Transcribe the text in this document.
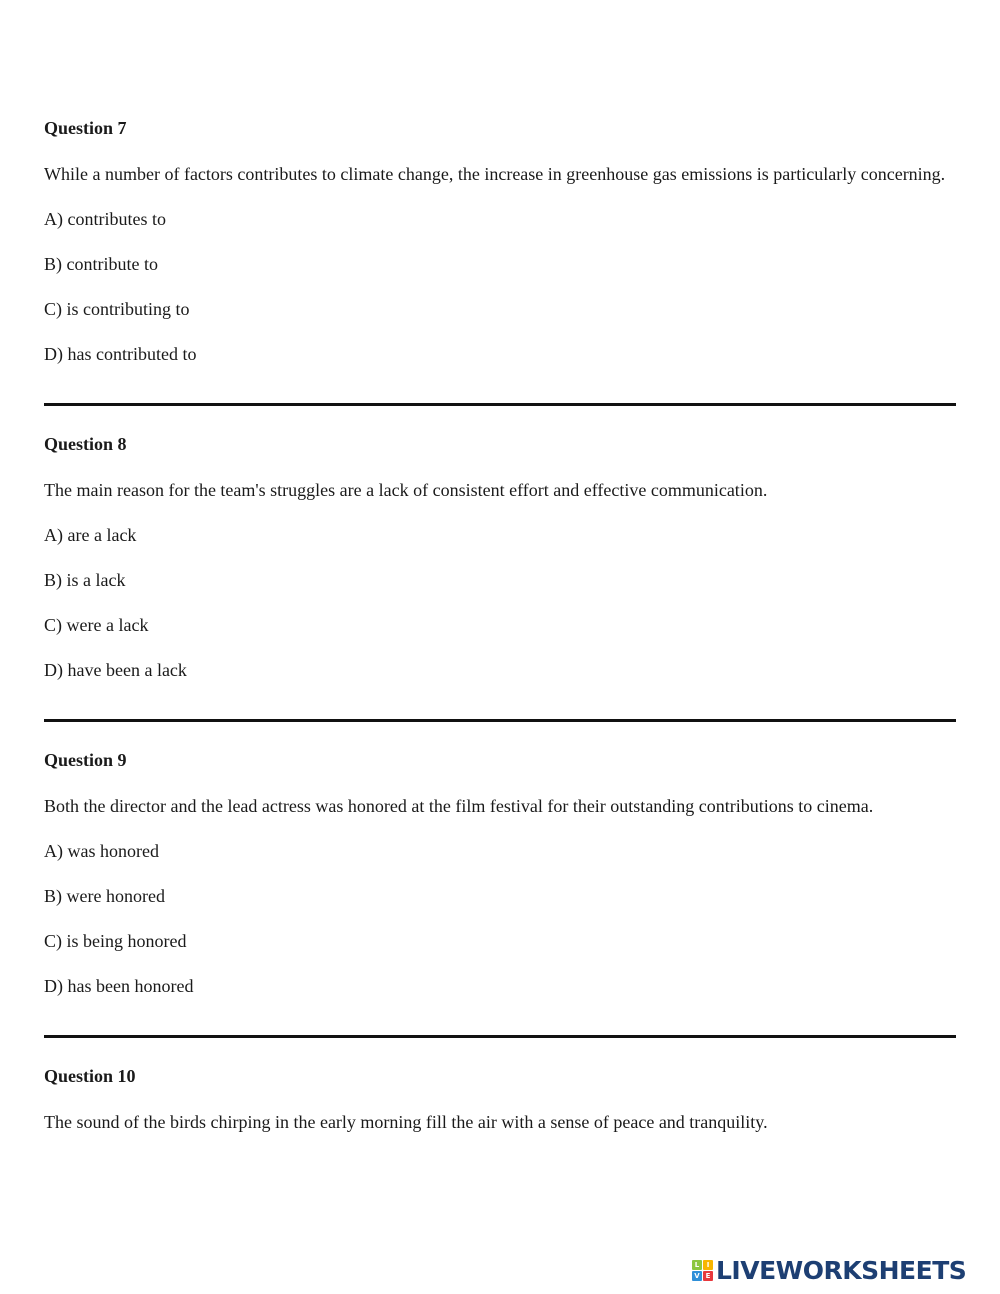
Question 7

While a number of factors contributes to climate change, the increase in greenhouse gas emissions is particularly concerning.

A) contributes to

B) contribute to

C) is contributing to

D) has contributed to

Question 8

The main reason for the team's struggles are a lack of consistent effort and effective communication.

A) are a lack

B) is a lack

C) were a lack

D) have been a lack

Question 9

Both the director and the lead actress was honored at the film festival for their outstanding contributions to cinema.

A) was honored

B) were honored

C) is being honored

D) has been honored

Question 10

The sound of the birds chirping in the early morning fill the air with a sense of peace and tranquility.

L	I
V E LIVEWORKSHEETS
